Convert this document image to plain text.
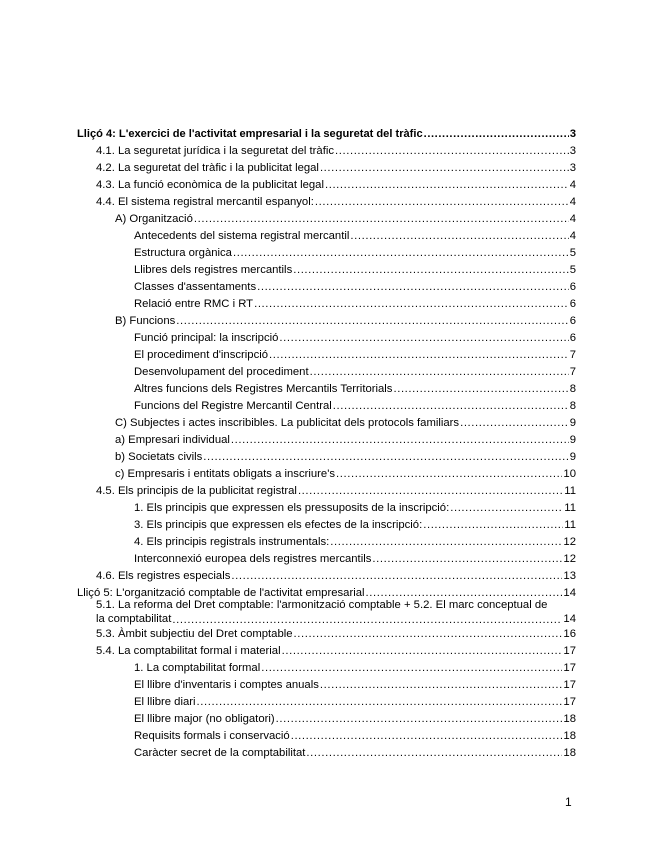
Lliçó 4: L'exercici de l'activitat empresarial i la seguretat del tràfic .....	3
4.1. La seguretat jurídica i la seguretat del tràfic .....	3
4.2. La seguretat del tràfic i la publicitat legal .....	3
4.3. La funció econòmica de la publicitat legal .....	4
4.4. El sistema registral mercantil espanyol: .....	4
A) Organització .....	4
Antecedents del sistema registral mercantil .....	4
Estructura orgànica .....	5
Llibres dels registres mercantils .....	5
Classes d'assentaments .....	6
Relació entre RMC i RT .....	6
B) Funcions .....	6
Funció principal: la inscripció .....	6
El procediment d'inscripció .....	7
Desenvolupament del procediment .....	7
Altres funcions dels Registres Mercantils Territorials .....	8
Funcions del Registre Mercantil Central .....	8
C) Subjectes i actes inscribibles. La publicitat dels protocols familiars .....	9
a) Empresari individual .....	9
b) Societats civils .....	9
c) Empresaris i entitats obligats a inscriure's .....	10
4.5. Els principis de la publicitat registral .....	11
1. Els principis que expressen els pressuposits de la inscripció: .....	11
3. Els principis que expressen els efectes de la inscripció: .....	11
4. Els principis registrals instrumentals: .....	12
Interconnexió europea dels registres mercantils .....	12
4.6. Els registres especials .....	13
Lliçó 5: L'organització comptable de l'activitat empresarial .....	14
5.1. La reforma del Dret comptable: l'armonització comptable + 5.2. El marc conceptual de
la comptabilitat .....	14
5.3. Àmbit subjectiu del Dret comptable .....	16
5.4. La comptabilitat formal i material .....	17
1. La comptabilitat formal .....	17
El llibre d'inventaris i comptes anuals .....	17
El llibre diari .....	17
El llibre major (no obligatori) .....	18
Requisits formals i conservació .....	18
Caràcter secret de la comptabilitat .....	18
1
